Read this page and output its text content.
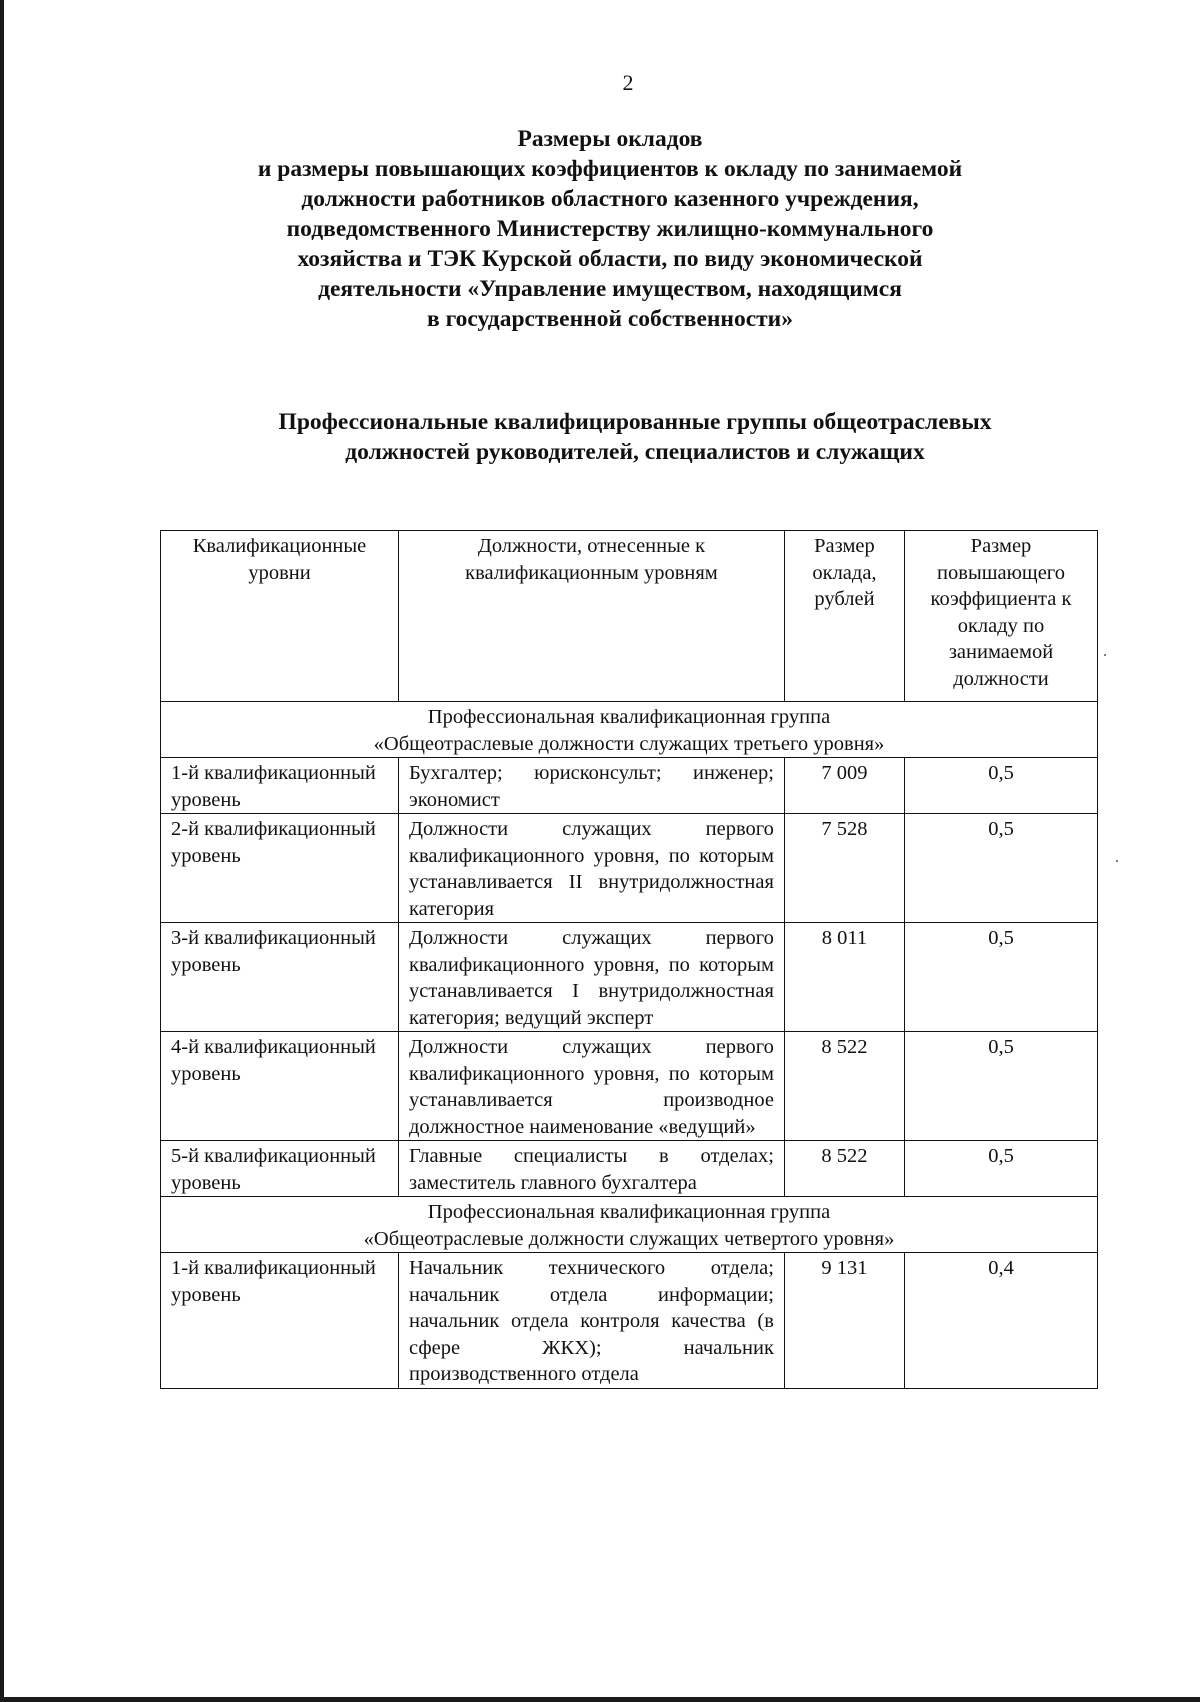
2
Размеры окладов
и размеры повышающих коэффициентов к окладу по занимаемой
должности работников областного казенного учреждения,
подведомственного Министерству жилищно-коммунального
хозяйства и ТЭК Курской области, по виду экономической
деятельности «Управление имуществом, находящимся
в государственной собственности»
Профессиональные квалифицированные группы общеотраслевых
должностей руководителей, специалистов и служащих
Квалификационные уровни	Должности, отнесенные к квалификационным уровням	Размер оклада, рублей	Размер повышающего коэффициента к окладу по занимаемой должности

Профессиональная квалификационная группа
«Общеотраслевые должности служащих третьего уровня»			

1-й квалификационный уровень	Бухгалтер; юрисконсульт; инженер; экономист	7 009	0,5
2-й квалификационный уровень	Должности служащих первого квалификационного уровня, по которым устанавливается II внутридолжностная категория	7 528	0,5
3-й квалификационный уровень	Должности служащих первого квалификационного уровня, по которым устанавливается I внутридолжностная категория; ведущий эксперт	8 011	0,5
4-й квалификационный уровень	Должности служащих первого квалификационного уровня, по которым устанавливается производное должностное наименование «ведущий»	8 522	0,5
5-й квалификационный уровень	Главные специалисты в отделах; заместитель главного бухгалтера	8 522	0,5

Профессиональная квалификационная группа
«Общеотраслевые должности служащих четвертого уровня»			

1-й квалификационный уровень	Начальник технического отдела; начальник отдела информации; начальник отдела контроля качества (в сфере ЖКХ); начальник производственного отдела	9 131	0,4
